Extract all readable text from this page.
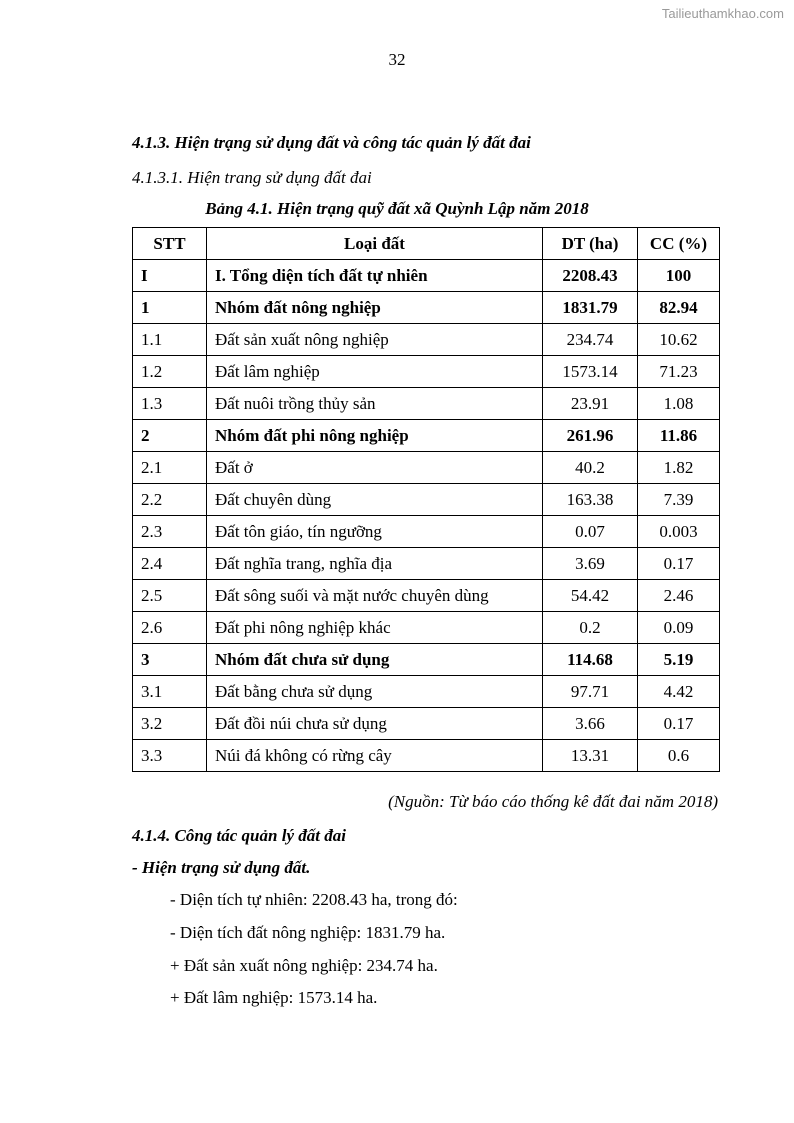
Tailieuthamkhao.com
32
4.1.3. Hiện trạng sử dụng đất và công tác quản lý đất đai
4.1.3.1. Hiện trang sử dụng đất đai
Bảng 4.1. Hiện trạng quỹ đất xã Quỳnh Lập năm 2018
STT	Loại đất	DT (ha)	CC (%)
I	I. Tổng diện tích đất tự nhiên	2208.43	100
1	Nhóm đất nông nghiệp	1831.79	82.94
1.1	Đất sản xuất nông nghiệp	234.74	10.62
1.2	Đất lâm nghiệp	1573.14	71.23
1.3	Đất nuôi trồng thủy sản	23.91	1.08
2	Nhóm đất phi nông nghiệp	261.96	11.86
2.1	Đất ở	40.2	1.82
2.2	Đất chuyên dùng	163.38	7.39
2.3	Đất tôn giáo, tín ngưỡng	0.07	0.003
2.4	Đất nghĩa trang, nghĩa địa	3.69	0.17
2.5	Đất sông suối và mặt nước chuyên dùng	54.42	2.46
2.6	Đất phi nông nghiệp khác	0.2	0.09
3	Nhóm đất chưa sử dụng	114.68	5.19
3.1	Đất bằng chưa sử dụng	97.71	4.42
3.2	Đất đồi núi chưa sử dụng	3.66	0.17
3.3	Núi đá không có rừng cây	13.31	0.6
(Nguồn: Từ báo cáo thống kê đất đai năm 2018)
4.1.4. Công tác quản lý đất đai
- Hiện trạng sử dụng đất.
- Diện tích tự nhiên: 2208.43 ha, trong đó:
- Diện tích đất nông nghiệp: 1831.79 ha.
+ Đất sản xuất nông nghiệp: 234.74 ha.
+ Đất lâm nghiệp: 1573.14 ha.
